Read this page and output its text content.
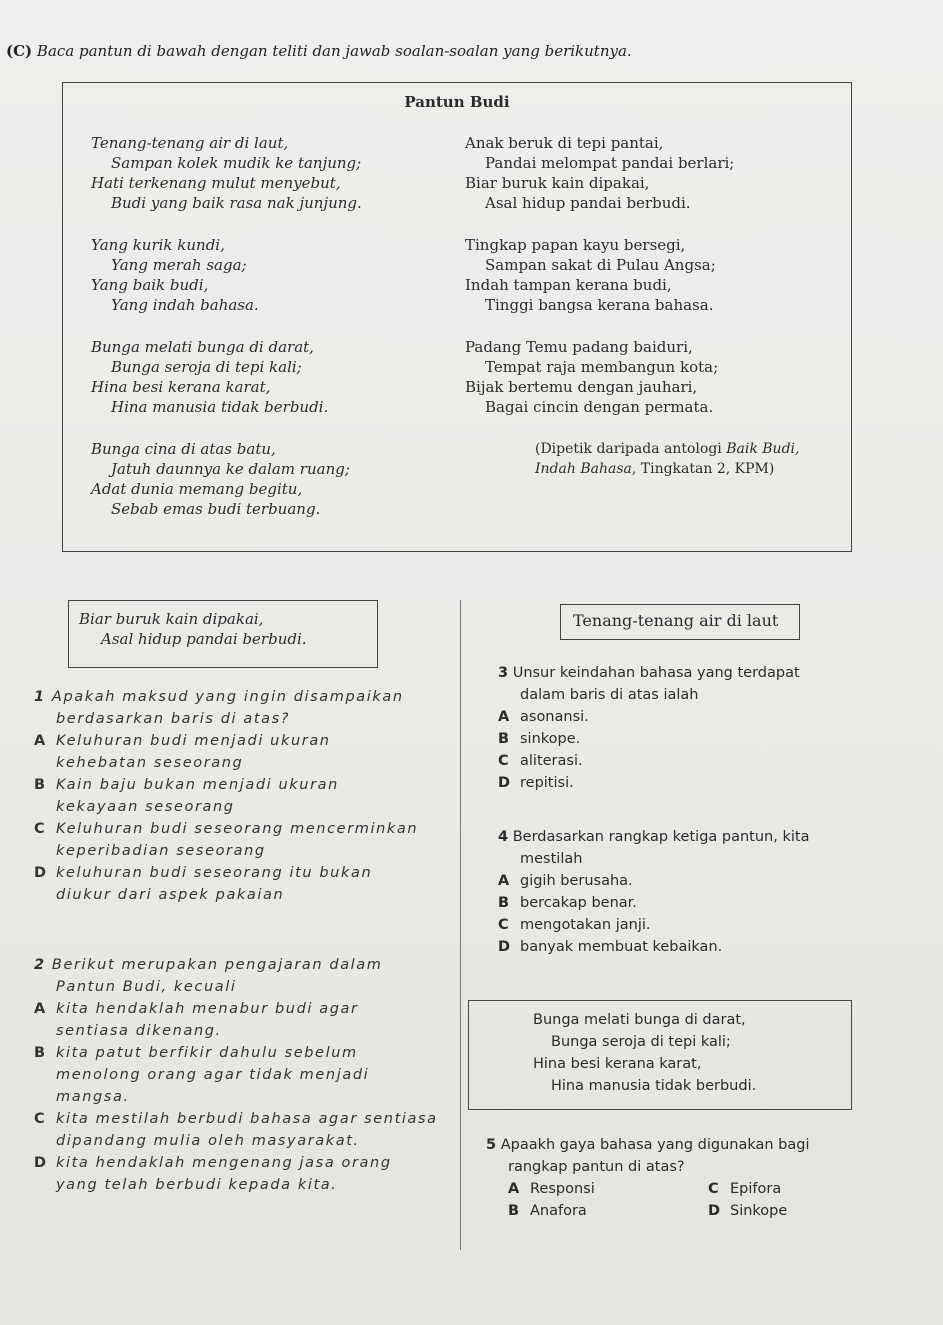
(C) Baca pantun di bawah dengan teliti dan jawab soalan-soalan yang berikutnya.
Pantun Budi
Tenang-tenang air di laut,
Sampan kolek mudik ke tanjung;
Hati terkenang mulut menyebut,
Budi yang baik rasa nak junjung.
Yang kurik kundi,
Yang merah saga;
Yang baik budi,
Yang indah bahasa.
Bunga melati bunga di darat,
Bunga seroja di tepi kali;
Hina besi kerana karat,
Hina manusia tidak berbudi.
Bunga cina di atas batu,
Jatuh daunnya ke dalam ruang;
Adat dunia memang begitu,
Sebab emas budi terbuang.
Anak beruk di tepi pantai,
Pandai melompat pandai berlari;
Biar buruk kain dipakai,
Asal hidup pandai berbudi.
Tingkap papan kayu bersegi,
Sampan sakat di Pulau Angsa;
Indah tampan kerana budi,
Tinggi bangsa kerana bahasa.
Padang Temu padang baiduri,
Tempat raja membangun kota;
Bijak bertemu dengan jauhari,
Bagai cincin dengan permata.
(Dipetik daripada antologi Baik Budi,
Indah Bahasa, Tingkatan 2, KPM)
Biar buruk kain dipakai,
Asal hidup pandai berbudi.
Tenang-tenang air di laut
1 Apakah maksud yang ingin disampaikan
berdasarkan baris di atas?
A Keluhuran budi menjadi ukuran
kehebatan seseorang
B Kain baju bukan menjadi ukuran
kekayaan seseorang
C Keluhuran budi seseorang mencerminkan
keperibadian seseorang
D keluhuran budi seseorang itu bukan
diukur dari aspek pakaian
2 Berikut merupakan pengajaran dalam
Pantun Budi, kecuali
A kita hendaklah menabur budi agar
sentiasa dikenang.
B kita patut berfikir dahulu sebelum
menolong orang agar tidak menjadi
mangsa.
C kita mestilah berbudi bahasa agar sentiasa
dipandang mulia oleh masyarakat.
D kita hendaklah mengenang jasa orang
yang telah berbudi kepada kita.
3 Unsur keindahan bahasa yang terdapat
dalam baris di atas ialah
A asonansi.
B sinkope.
C aliterasi.
D repitisi.
4 Berdasarkan rangkap ketiga pantun, kita
mestilah
A gigih berusaha.
B bercakap benar.
C mengotakan janji.
D banyak membuat kebaikan.
Bunga melati bunga di darat,
Bunga seroja di tepi kali;
Hina besi kerana karat,
Hina manusia tidak berbudi.
5 Apaakh gaya bahasa yang digunakan bagi
rangkap pantun di atas?
A Responsi	C Epifora
B Anafora	D Sinkope
